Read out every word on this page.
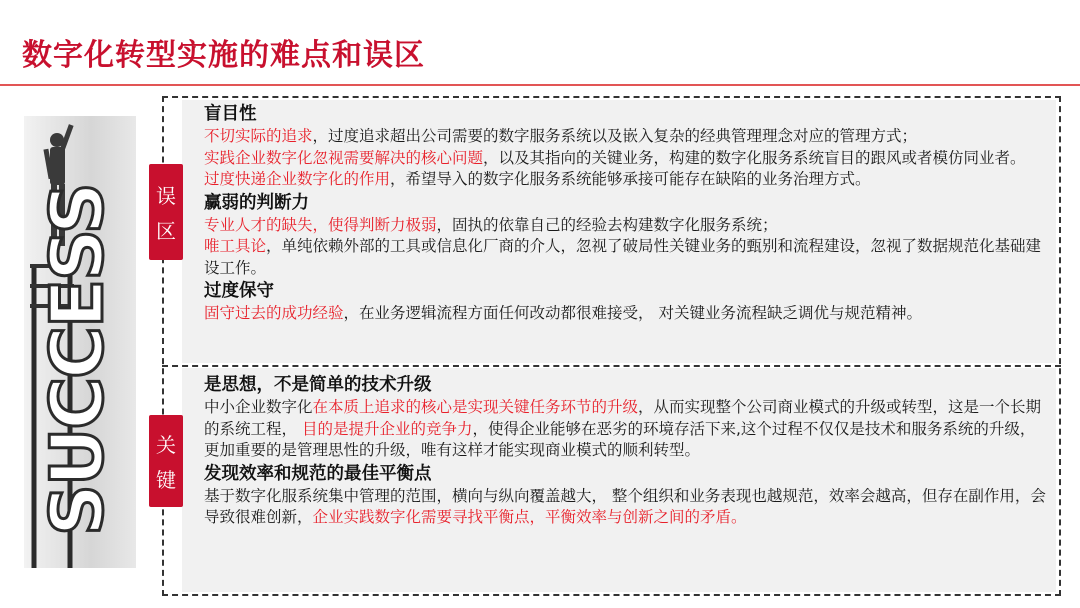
数字化转型实施的难点和误区
SUCCESS 误
区
关
键
盲目性

不切实际的追求，过度追求超出公司需要的数字服务系统以及嵌入复杂的经典管理理念对应的管理方式；

实践企业数字化忽视需要解决的核心问题，以及其指向的关键业务，构建的数字化服务系统盲目的跟风或者模仿同业者。

过度快递企业数字化的作用，希望导入的数字化服务系统能够承接可能存在缺陷的业务治理方式。

赢弱的判断力

专业人才的缺失，使得判断力极弱，固执的依靠自己的经验去构建数字化服务系统；

唯工具论，单纯依赖外部的工具或信息化厂商的介人，忽视了破局性关键业务的甄别和流程建设，忽视了数据规范化基础建设工作。

过度保守

固守过去的成功经验，在业务逻辑流程方面任何改动都很难接受， 对关键业务流程缺乏调优与规范精神。

是思想，不是简单的技术升级

中小企业数字化在本质上追求的核心是实现关键任务环节的升级，从而实现整个公司商业模式的升级或转型，这是一个长期的系统工程， 目的是提升企业的竞争力，使得企业能够在恶劣的环境存活下来,这个过程不仅仅是技术和服务系统的升级， 更加重要的是管理思性的升级，唯有这样才能实现商业模式的顺利转型。

发现效率和规范的最佳平衡点

基于数字化服系统集中管理的范围，横向与纵向覆盖越大， 整个组织和业务表现也越规范，效率会越高，但存在副作用，会导致很难创新，企业实践数字化需要寻找平衡点，平衡效率与创新之间的矛盾。
